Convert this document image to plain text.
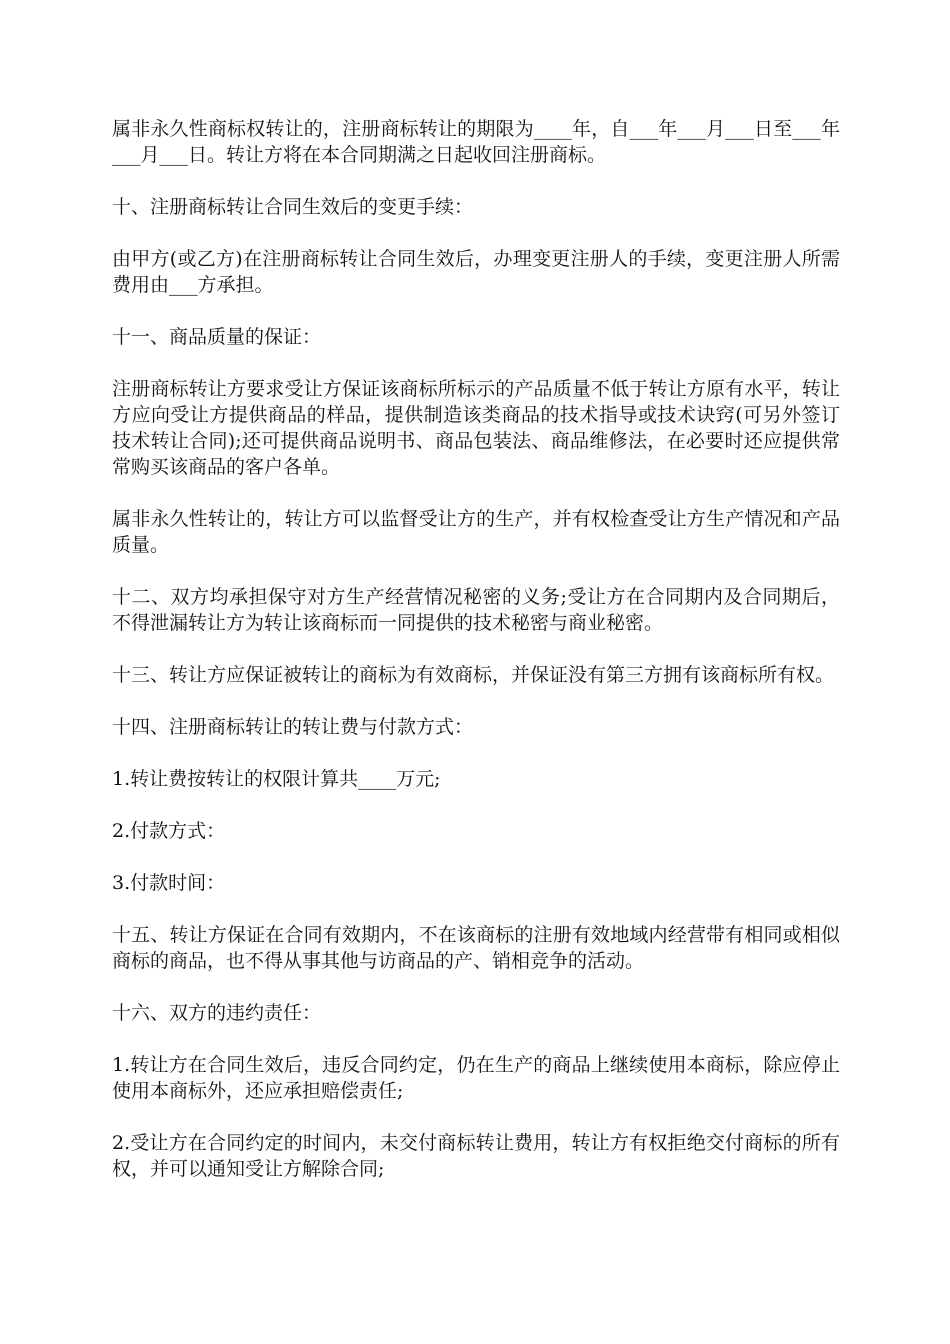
属非永久性商标权转让的，注册商标转让的期限为____年，自___年___月___日至___年___月___日。转让方将在本合同期满之日起收回注册商标。

十、注册商标转让合同生效后的变更手续：

由甲方(或乙方)在注册商标转让合同生效后，办理变更注册人的手续，变更注册人所需费用由___方承担。

十一、商品质量的保证：

注册商标转让方要求受让方保证该商标所标示的产品质量不低于转让方原有水平，转让方应向受让方提供商品的样品，提供制造该类商品的技术指导或技术诀窍(可另外签订技术转让合同);还可提供商品说明书、商品包装法、商品维修法，在必要时还应提供常常购买该商品的客户各单。

属非永久性转让的，转让方可以监督受让方的生产，并有权检查受让方生产情况和产品质量。

十二、双方均承担保守对方生产经营情况秘密的义务;受让方在合同期内及合同期后，不得泄漏转让方为转让该商标而一同提供的技术秘密与商业秘密。

十三、转让方应保证被转让的商标为有效商标，并保证没有第三方拥有该商标所有权。

十四、注册商标转让的转让费与付款方式：

1.转让费按转让的权限计算共____万元;

2.付款方式：

3.付款时间：

十五、转让方保证在合同有效期内，不在该商标的注册有效地域内经营带有相同或相似商标的商品，也不得从事其他与访商品的产、销相竞争的活动。

十六、双方的违约责任：

1.转让方在合同生效后，违反合同约定，仍在生产的商品上继续使用本商标，除应停止使用本商标外，还应承担赔偿责任;

2.受让方在合同约定的时间内，未交付商标转让费用，转让方有权拒绝交付商标的所有权，并可以通知受让方解除合同;
